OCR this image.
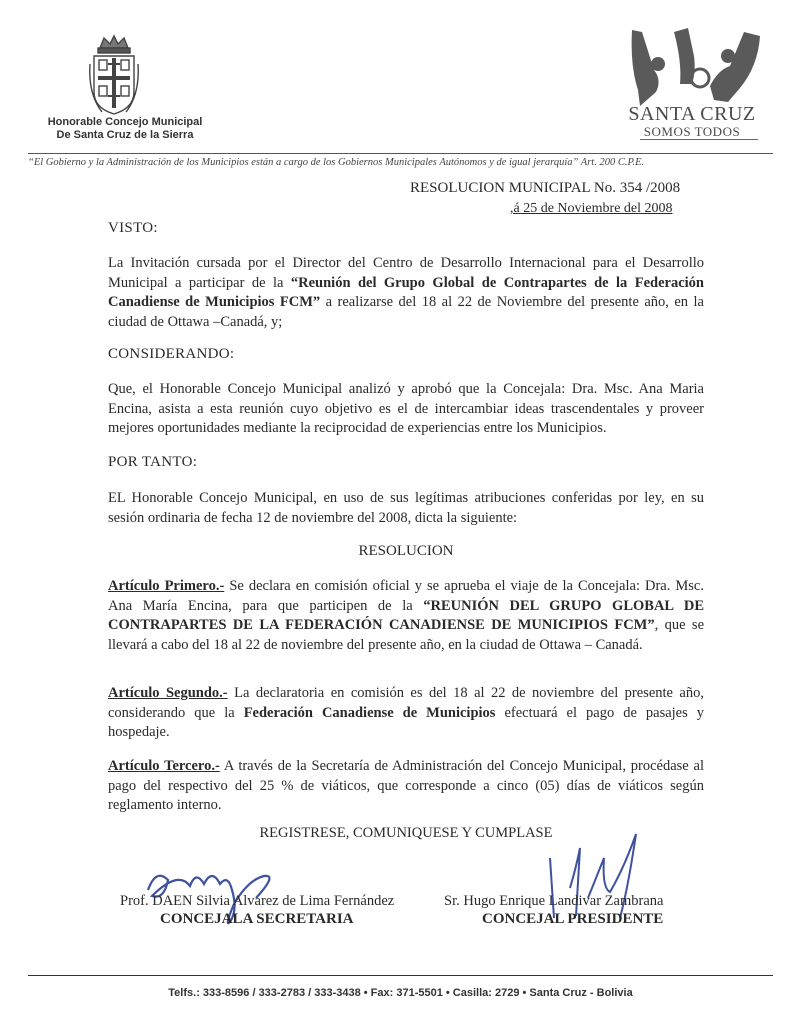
Honorable Concejo Municipal
De Santa Cruz de la Sierra
SANTA CRUZ
SOMOS TODOS
“El Gobierno y la Administración de los Municipios están a cargo de los Gobiernos Municipales Autónomos y de igual jerarquía” Art. 200 C.P.E.
RESOLUCION MUNICIPAL No. 354 /2008
,á 25 de Noviembre del 2008
VISTO:
La Invitación cursada por el Director del Centro de Desarrollo Internacional para el Desarrollo Municipal a participar de la “Reunión del Grupo Global de Contrapartes de la Federación Canadiense de Municipios FCM” a realizarse del 18 al 22 de Noviembre del presente año, en la ciudad de Ottawa –Canadá, y;
CONSIDERANDO:
Que, el Honorable Concejo Municipal analizó y aprobó que la Concejala: Dra. Msc. Ana Maria Encina, asista a esta reunión cuyo objetivo es el de intercambiar ideas trascendentales y proveer mejores oportunidades mediante la reciprocidad de experiencias entre los Municipios.
POR TANTO:
EL Honorable Concejo Municipal, en uso de sus legítimas atribuciones conferidas por ley, en su sesión ordinaria de fecha 12 de noviembre del 2008, dicta la siguiente:
RESOLUCION
Artículo Primero.- Se declara en comisión oficial y se aprueba el viaje de la Concejala: Dra. Msc. Ana María Encina, para que participen de la “REUNIÓN DEL GRUPO GLOBAL DE CONTRAPARTES DE LA FEDERACIÓN CANADIENSE DE MUNICIPIOS FCM”, que se llevará a cabo del 18 al 22 de noviembre del presente año, en la ciudad de Ottawa – Canadá.
Artículo Segundo.- La declaratoria en comisión es del 18 al 22 de noviembre del presente año, considerando que la Federación Canadiense de Municipios efectuará el pago de pasajes y hospedaje.
Artículo Tercero.- A través de la Secretaría de Administración del Concejo Municipal, procédase al pago del respectivo del 25 % de viáticos, que corresponde a cinco (05) días de viáticos según reglamento interno.
REGISTRESE, COMUNIQUESE Y CUMPLASE
Prof. DAEN Silvia Alvarez de Lima Fernández
CONCEJALA SECRETARIA
Sr. Hugo Enrique Landivar Zambrana
CONCEJAL PRESIDENTE
Telfs.: 333-8596 / 333-2783 / 333-3438 • Fax: 371-5501 • Casilla: 2729 • Santa Cruz - Bolivia
